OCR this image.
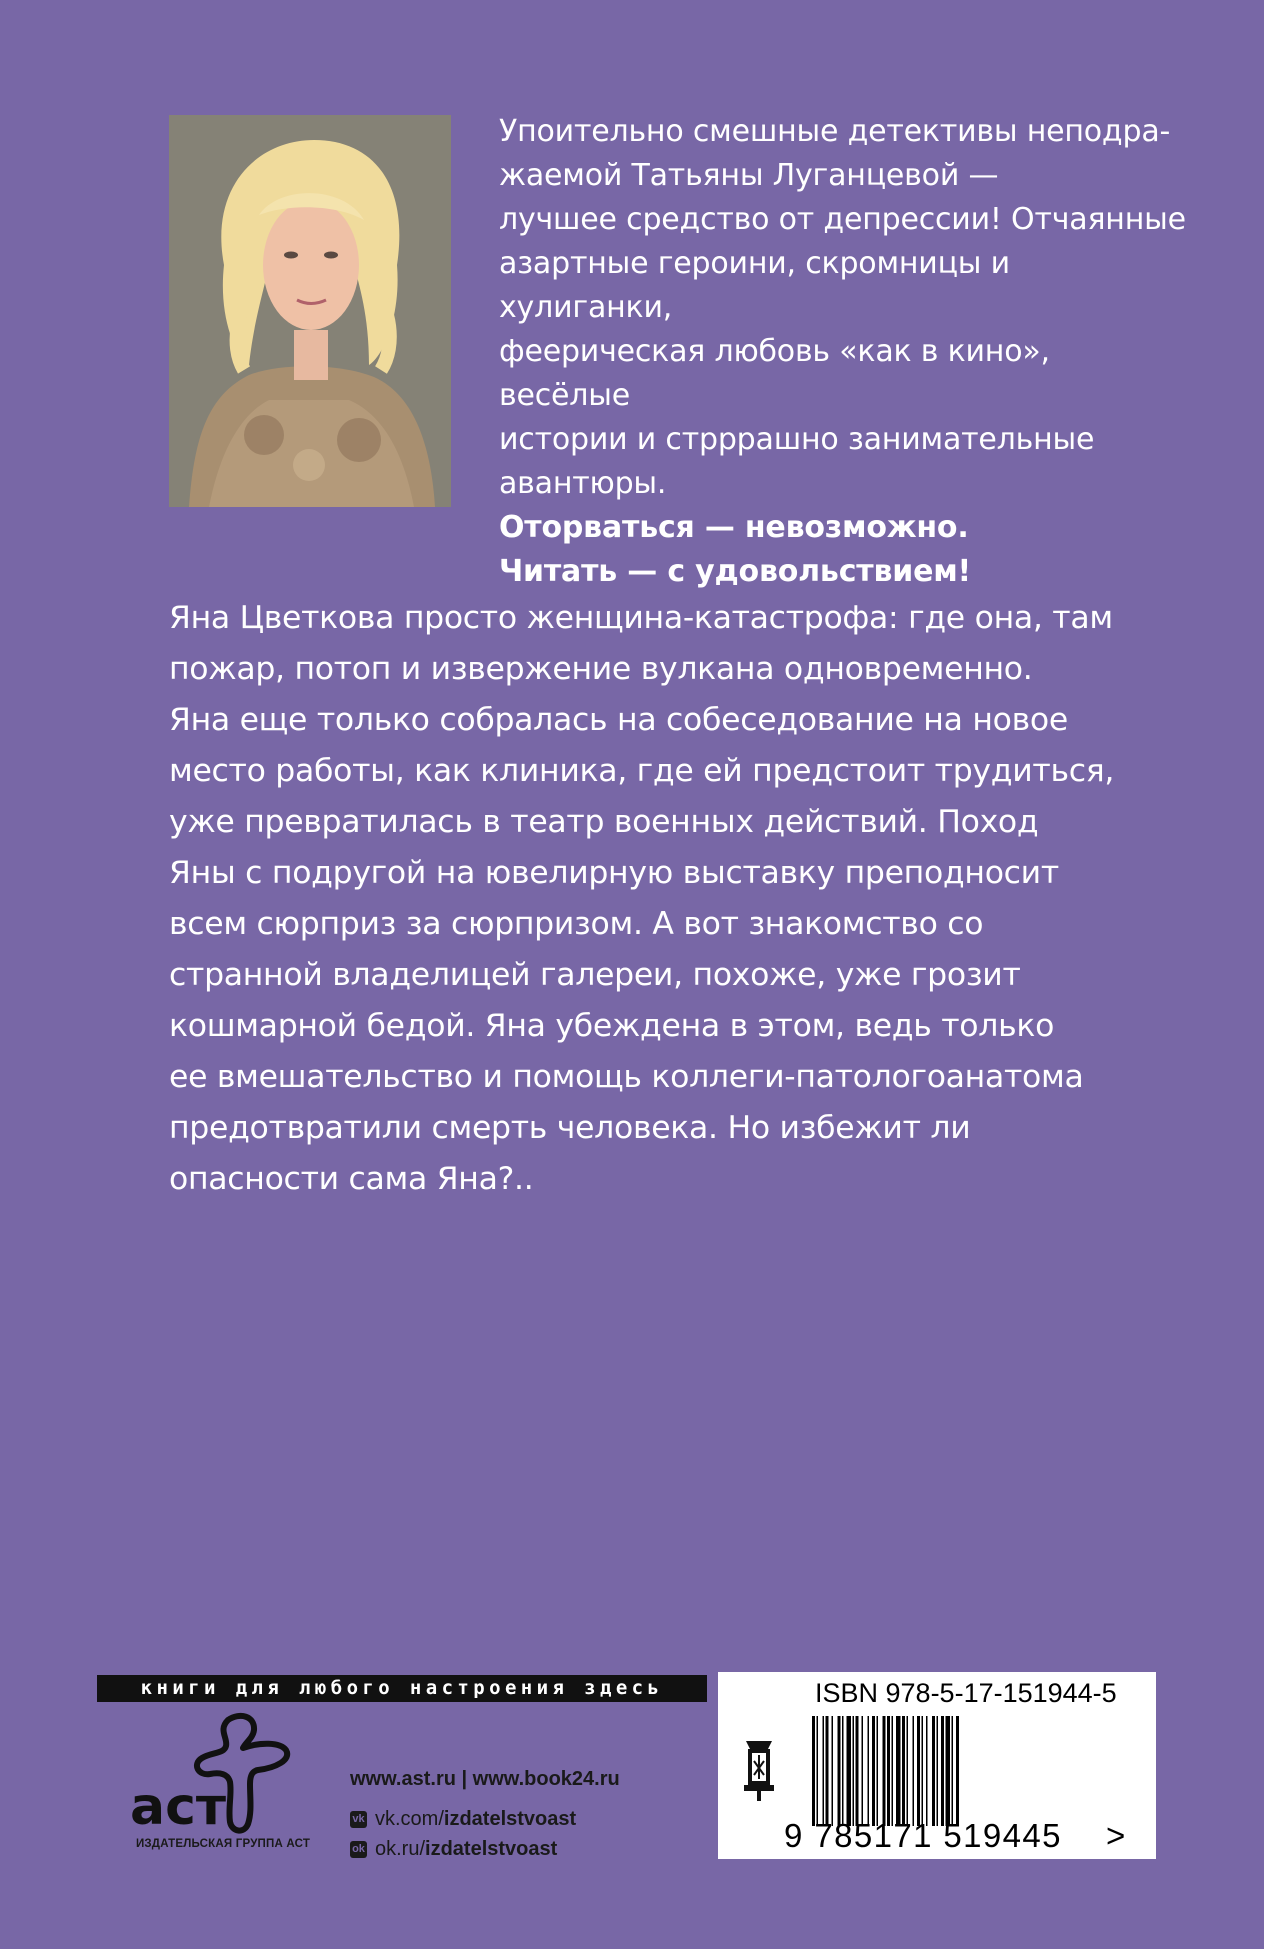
Упоительно смешные детективы неподра-

жаемой Татьяны Луганцевой —

лучшее средство от депрессии! Отчаянные

азартные героини, скромницы и хулиганки,

феерическая любовь «как в кино», весёлые

истории и стрррашно занимательные

авантюры.

Оторваться — невозможно.

Читать — с удовольствием!

Яна Цветкова просто женщина-катастрофа: где она, там

пожар, потоп и извержение вулкана одновременно.

Яна еще только собралась на собеседование на новое

место работы, как клиника, где ей предстоит трудиться,

уже превратилась в театр военных действий. Поход

Яны с подругой на ювелирную выставку преподносит

всем сюрприз за сюрпризом. А вот знакомство со

странной владелицей галереи, похоже, уже грозит

кошмарной бедой. Яна убеждена в этом, ведь только

ее вмешательство и помощь коллеги-патологоанатома

предотвратили смерть человека. Но избежит ли

опасности сама Яна?..

книги для любого настроения здесь
аст
ИЗДАТЕЛЬСКАЯ ГРУППА АСТ
www.ast.ru | www.book24.ru
vk vk.com/ izdatelstvoast
ok ok.ru/ izdatelstvoast
ISBN 978-5-17-151944-5
9 785171 519445 >
